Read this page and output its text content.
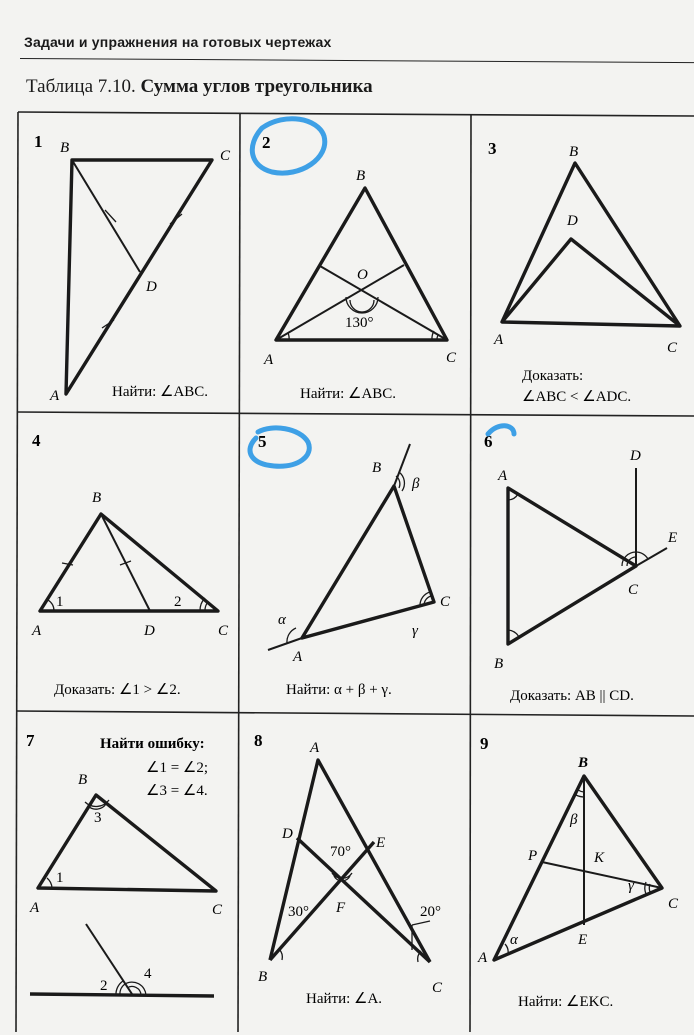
Задачи и упражнения на готовых чертежах
Таблица 7.10. Сумма углов треугольника
1 B	C
D
A	Найти: ∠ABC.
2
B
O
130°
A	C
Найти: ∠ABC.
3	B
D
A	C
Доказать:
∠ABC < ∠ADC.
4
B
1	2
A	D	C
Доказать: ∠1 > ∠2.
5
B
β
C
γ
α
A
Найти: α + β + γ.
6
A
D
E
C
B
Доказать: AB || CD.
7	Найти ошибку:
∠1 = ∠2;
∠3 = ∠4.
B
3
1
A	C
2
4
8	A
D
E
70°
F
30°	20°
B
C
Найти: ∠A.
9
B
β
P	K
γ
C
E
α
A
Найти: ∠EKC.
